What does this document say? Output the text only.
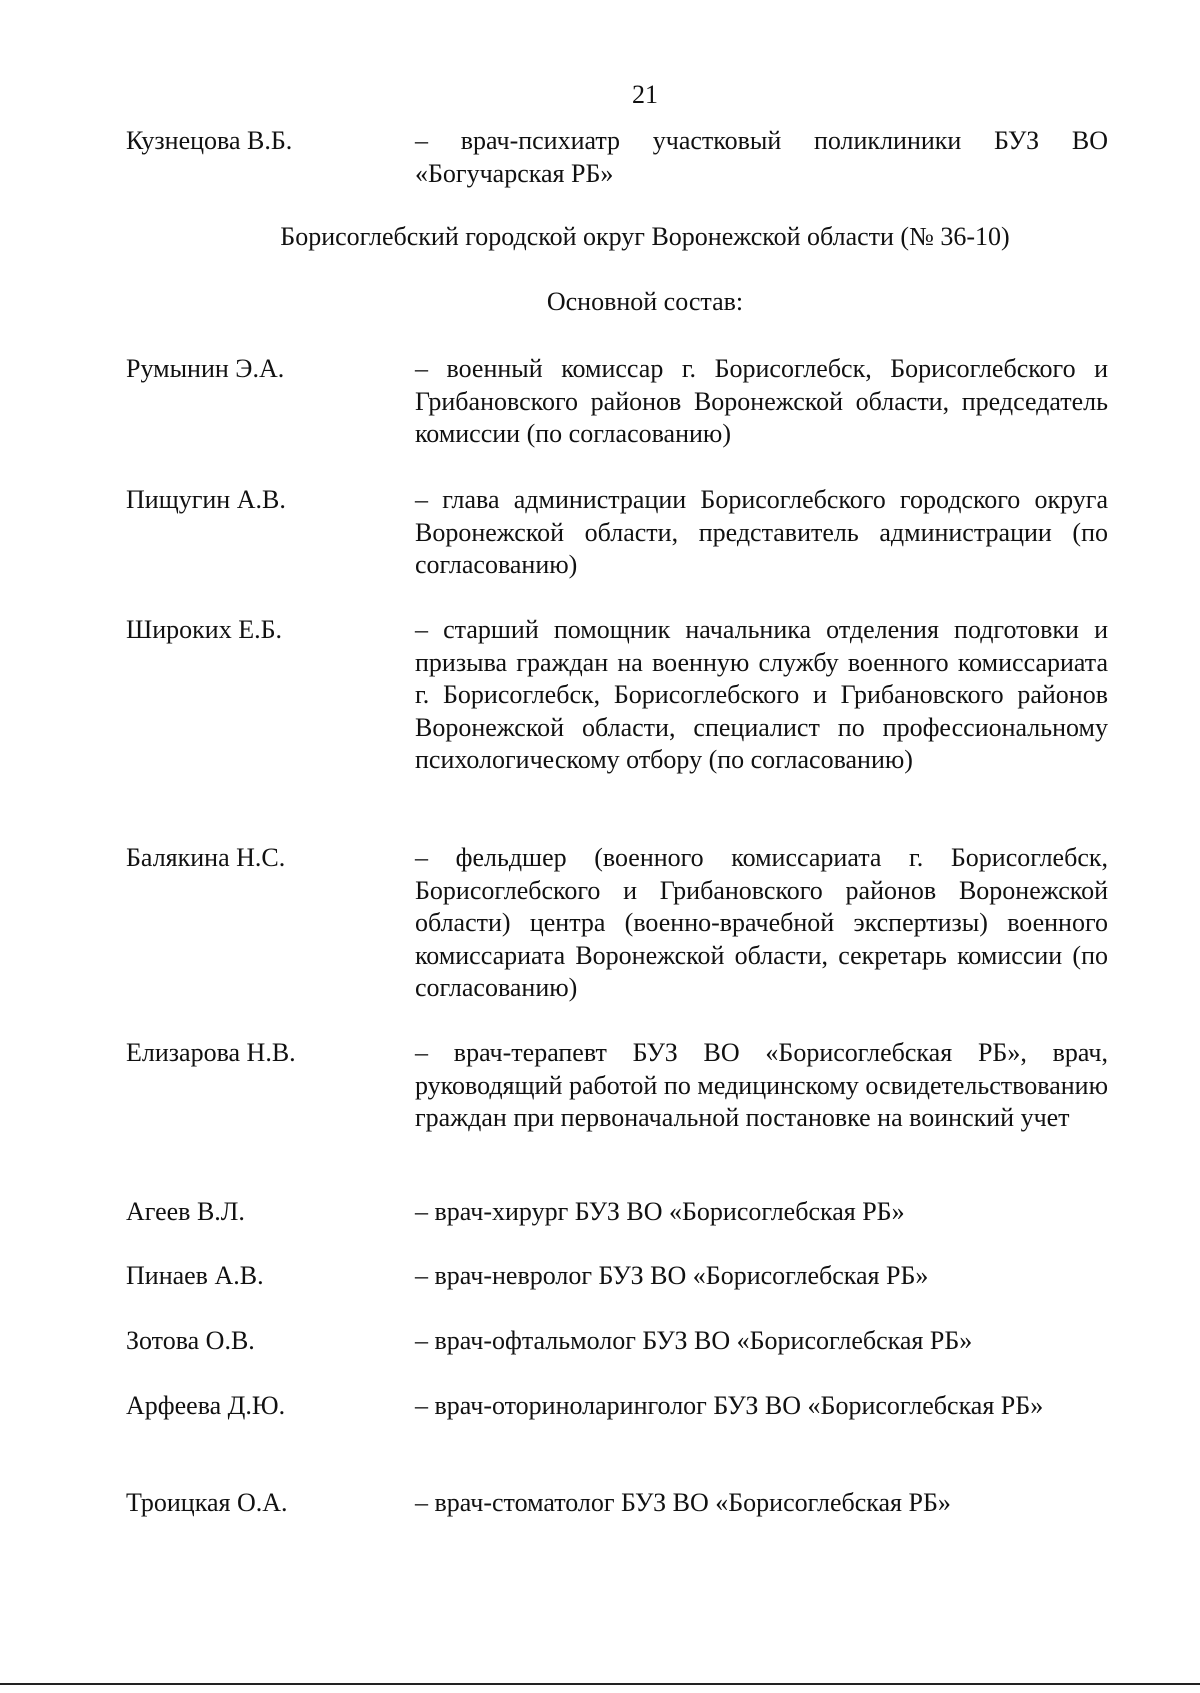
21
Кузнецова В.Б.	– врач-психиатр участковый поликлиники БУЗ ВО «Богучарская РБ»
Борисоглебский городской округ Воронежской области (№ 36-10)
Основной состав:
Румынин Э.А.	– военный комиссар г. Борисоглебск, Борисоглебского и Грибановского районов Воронежской области, председатель комиссии (по согласованию)
Пищугин А.В.	– глава администрации Борисоглебского городского округа Воронежской области, представитель администрации (по согласованию)
Широких Е.Б.	– старший помощник начальника отделения подготовки и призыва граждан на военную службу военного комиссариата г. Борисоглебск, Борисоглебского и Грибановского районов Воронежской области, специалист по профессиональному психологическому отбору (по согласованию)
Балякина Н.С.	– фельдшер (военного комиссариата г. Борисоглебск, Борисоглебского и Грибановского районов Воронежской области) центра (военно-врачебной экспертизы) военного комиссариата Воронежской области, секретарь комиссии (по согласованию)
Елизарова Н.В.	– врач-терапевт БУЗ ВО «Борисоглебская РБ», врач, руководящий работой по медицинскому освидетельствованию граждан при первоначальной постановке на воинский учет
Агеев В.Л.	– врач-хирург БУЗ ВО «Борисоглебская РБ»
Пинаев А.В.	– врач-невролог БУЗ ВО «Борисоглебская РБ»
Зотова О.В.	– врач-офтальмолог БУЗ ВО «Борисоглебская РБ»
Арфеева Д.Ю.	– врач-оториноларинголог БУЗ ВО «Борисоглебская РБ»
Троицкая О.А.	– врач-стоматолог БУЗ ВО «Борисоглебская РБ»
